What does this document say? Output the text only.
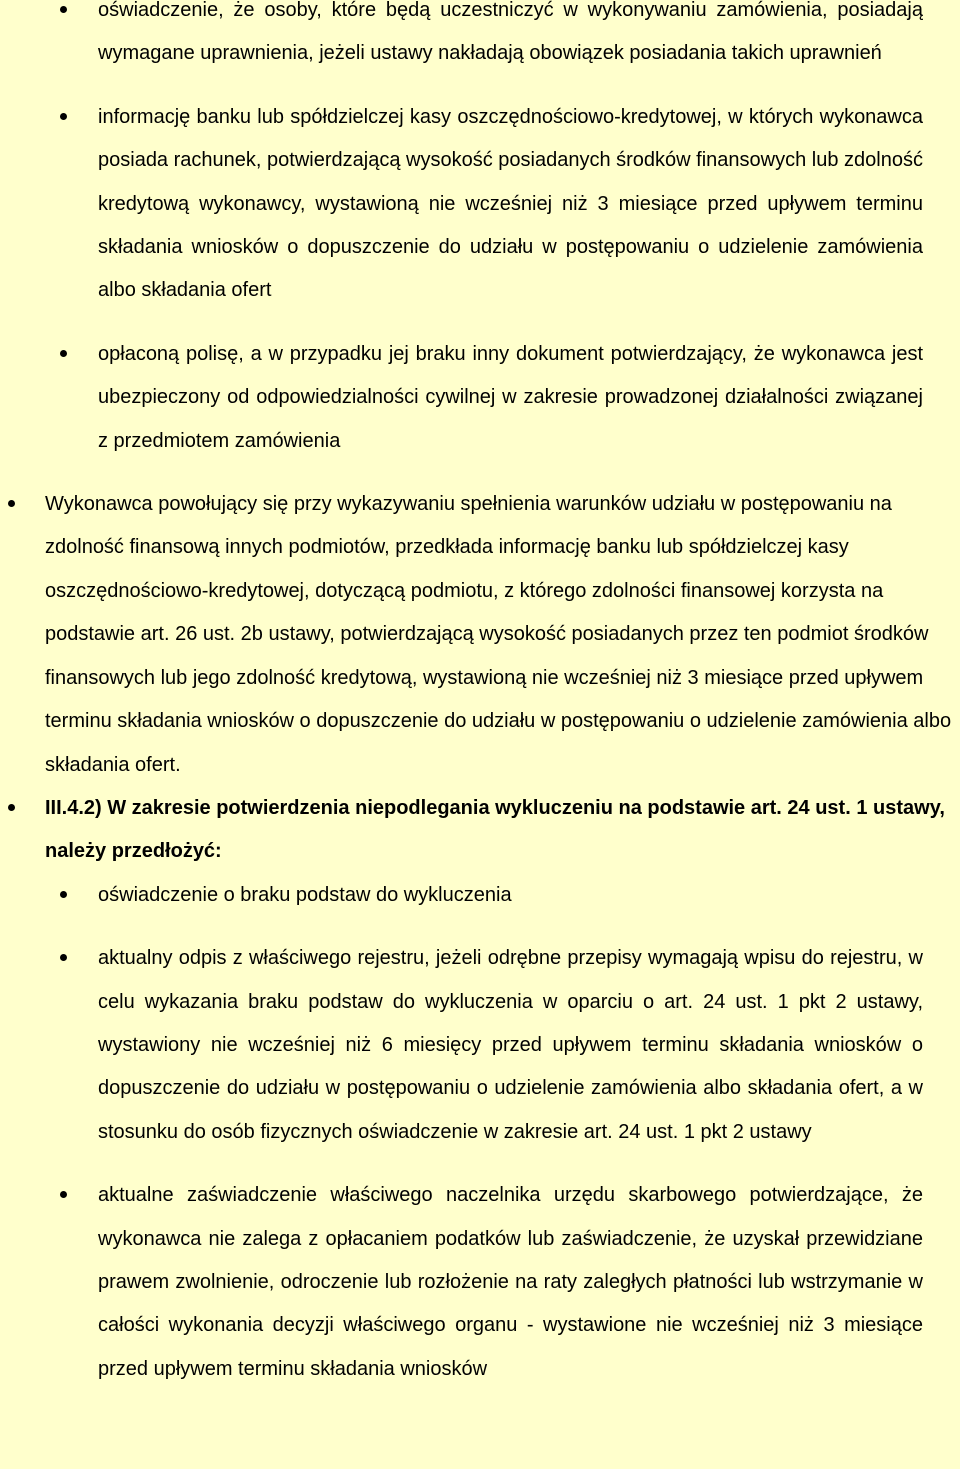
oświadczenie, że osoby, które będą uczestniczyć w wykonywaniu zamówienia, posiadają wymagane uprawnienia, jeżeli ustawy nakładają obowiązek posiadania takich uprawnień

informację banku lub spółdzielczej kasy oszczędnościowo-kredytowej, w których wykonawca posiada rachunek, potwierdzającą wysokość posiadanych środków finansowych lub zdolność kredytową wykonawcy, wystawioną nie wcześniej niż 3 miesiące przed upływem terminu składania wniosków o dopuszczenie do udziału w postępowaniu o udzielenie zamówienia albo składania ofert

opłaconą polisę, a w przypadku jej braku inny dokument potwierdzający, że wykonawca jest ubezpieczony od odpowiedzialności cywilnej w zakresie prowadzonej działalności związanej z przedmiotem zamówienia

Wykonawca powołujący się przy wykazywaniu spełnienia warunków udziału w postępowaniu na zdolność finansową innych podmiotów, przedkłada informację banku lub spółdzielczej kasy oszczędnościowo-kredytowej, dotyczącą podmiotu, z którego zdolności finansowej korzysta na podstawie art. 26 ust. 2b ustawy, potwierdzającą wysokość posiadanych przez ten podmiot środków finansowych lub jego zdolność kredytową, wystawioną nie wcześniej niż 3 miesiące przed upływem terminu składania wniosków o dopuszczenie do udziału w postępowaniu o udzielenie zamówienia albo składania ofert.

III.4.2) W zakresie potwierdzenia niepodlegania wykluczeniu na podstawie art. 24 ust. 1 ustawy, należy przedłożyć:

oświadczenie o braku podstaw do wykluczenia

aktualny odpis z właściwego rejestru, jeżeli odrębne przepisy wymagają wpisu do rejestru, w celu wykazania braku podstaw do wykluczenia w oparciu o art. 24 ust. 1 pkt 2 ustawy, wystawiony nie wcześniej niż 6 miesięcy przed upływem terminu składania wniosków o dopuszczenie do udziału w postępowaniu o udzielenie zamówienia albo składania ofert, a w stosunku do osób fizycznych oświadczenie w zakresie art. 24 ust. 1 pkt 2 ustawy

aktualne zaświadczenie właściwego naczelnika urzędu skarbowego potwierdzające, że wykonawca nie zalega z opłacaniem podatków lub zaświadczenie, że uzyskał przewidziane prawem zwolnienie, odroczenie lub rozłożenie na raty zaległych płatności lub wstrzymanie w całości wykonania decyzji właściwego organu - wystawione nie wcześniej niż 3 miesiące przed upływem terminu składania wniosków
